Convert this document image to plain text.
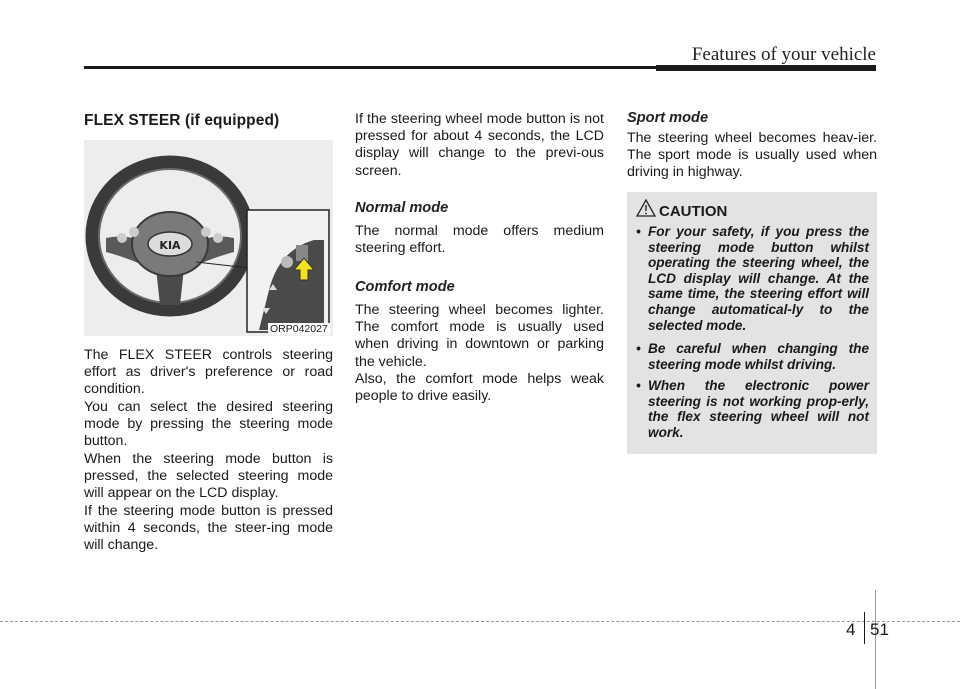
Features of your vehicle
FLEX STEER (if equipped)
KIA
ORP042027

The FLEX STEER controls steering effort as driver's preference or road condition.

You can select the desired steering mode by pressing the steering mode button.

When the steering mode button is pressed, the selected steering mode will appear on the LCD display.

If the steering mode button is pressed within 4 seconds, the steer-ing mode will change.

If the steering wheel mode button is not pressed for about 4 seconds, the LCD display will change to the previ-ous screen.

Normal mode

The normal mode offers medium steering effort.

Comfort mode

The steering wheel becomes lighter. The comfort mode is usually used when driving in downtown or parking the vehicle.

Also, the comfort mode helps weak people to drive easily.

Sport mode

The steering wheel becomes heav-ier. The sport mode is usually used when driving in highway.

CAUTION
• For your safety, if you press the steering mode button whilst operating the steering wheel, the LCD display will change. At the same time, the steering effort will change automatical-ly to the selected mode.
• Be careful when changing the steering mode whilst driving.
• When the electronic power steering is not working prop-erly, the flex steering wheel will not work.
4 51
